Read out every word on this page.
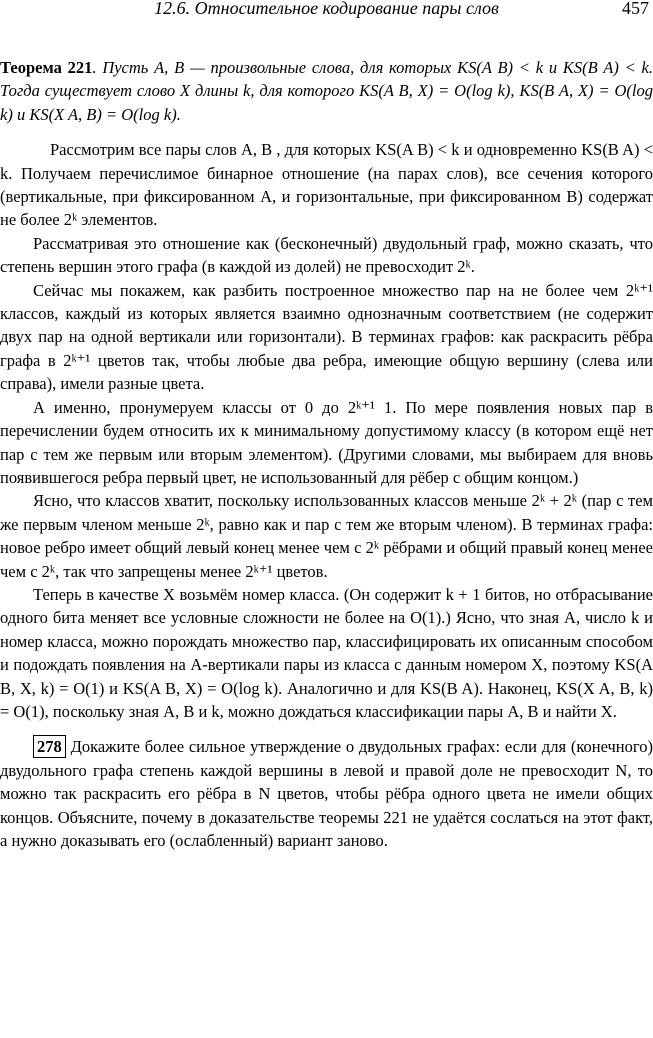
12.6. Относительное кодирование пары слов	457

Теорема 221. Пусть A, B — произвольные слова, для которых KS(A B) < k и KS(B A) < k. Тогда существует слово X длины k, для которого KS(A B, X) = O(log k), KS(B A, X) = O(log k) и KS(X A, B) = O(log k).

Рассмотрим все пары слов A, B , для которых KS(A B) < k и одновременно KS(B A) < k. Получаем перечислимое бинарное отношение (на парах слов), все сечения которого (вертикальные, при фиксированном A, и горизонтальные, при фиксированном B) содержат не более 2ᵏ элементов.

Рассматривая это отношение как (бесконечный) двудольный граф, можно сказать, что степень вершин этого графа (в каждой из долей) не превосходит 2ᵏ.

Сейчас мы покажем, как разбить построенное множество пар на не более чем 2ᵏ⁺¹ классов, каждый из которых является взаимно однозначным соответствием (не содержит двух пар на одной вертикали или горизонтали). В терминах графов: как раскрасить рёбра графа в 2ᵏ⁺¹ цветов так, чтобы любые два ребра, имеющие общую вершину (слева или справа), имели разные цвета.

А именно, пронумеруем классы от 0 до 2ᵏ⁺¹ 1. По мере появления новых пар в перечислении будем относить их к минимальному допустимому классу (в котором ещё нет пар с тем же первым или вторым элементом). (Другими словами, мы выбираем для вновь появившегося ребра первый цвет, не использованный для рёбер с общим концом.)

Ясно, что классов хватит, поскольку использованных классов меньше 2ᵏ + 2ᵏ (пар с тем же первым членом меньше 2ᵏ, равно как и пар с тем же вторым членом). В терминах графа: новое ребро имеет общий левый конец менее чем с 2ᵏ рёбрами и общий правый конец менее чем с 2ᵏ, так что запрещены менее 2ᵏ⁺¹ цветов.

Теперь в качестве X возьмём номер класса. (Он содержит k + 1 битов, но отбрасывание одного бита меняет все условные сложности не более на O(1).) Ясно, что зная A, число k и номер класса, можно порождать множество пар, классифицировать их описанным способом и подождать появления на A-вертикали пары из класса с данным номером X, поэтому KS(A B, X, k) = O(1) и KS(A B, X) = O(log k). Аналогично и для KS(B A). Наконец, KS(X A, B, k) = O(1), поскольку зная A, B и k, можно дождаться классификации пары A, B и найти X.

278 Докажите более сильное утверждение о двудольных графах: если для (конечного) двудольного графа степень каждой вершины в левой и правой доле не превосходит N, то можно так раскрасить его рёбра в N цветов, чтобы рёбра одного цвета не имели общих концов. Объясните, почему в доказательстве теоремы 221 не удаётся сослаться на этот факт, а нужно доказывать его (ослабленный) вариант заново.
